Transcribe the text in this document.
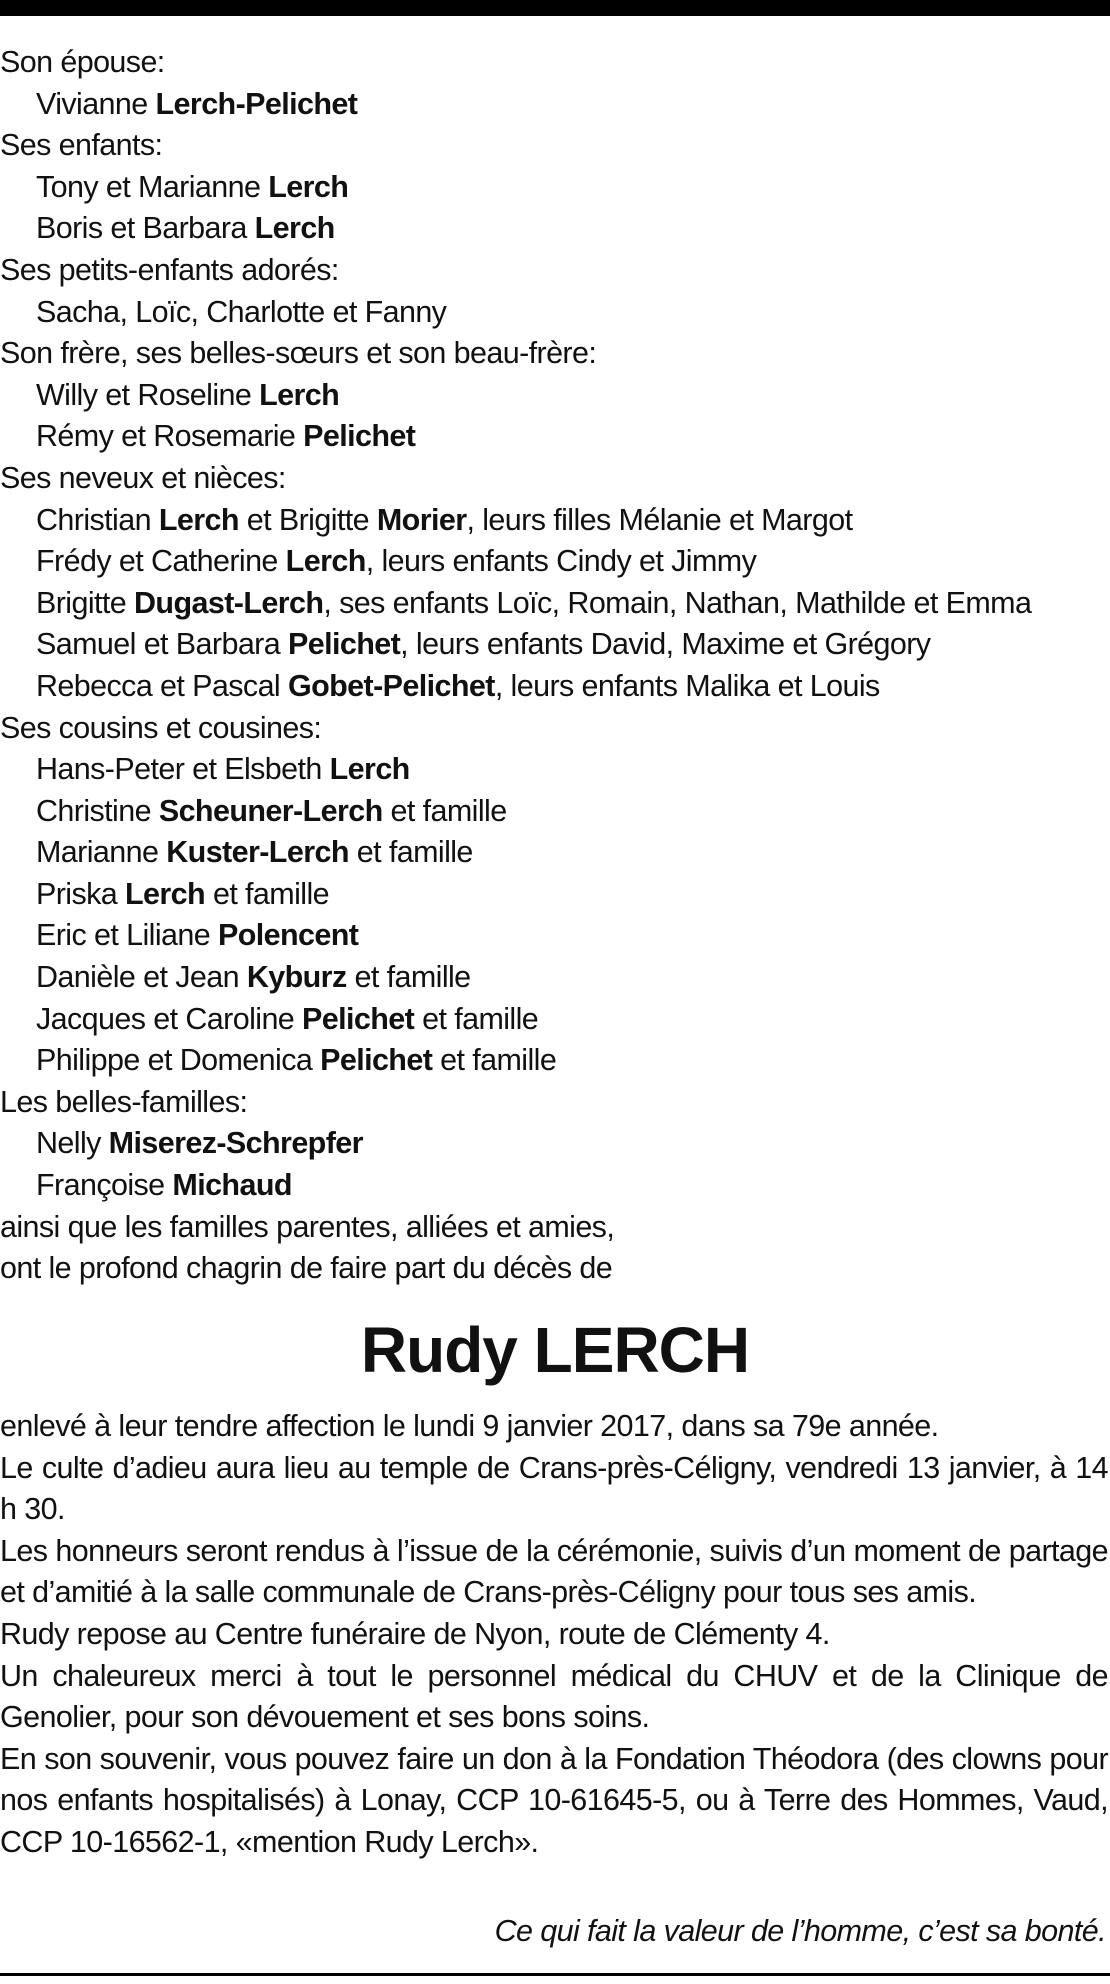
Son épouse:
Vivianne Lerch-Pelichet
Ses enfants:
Tony et Marianne Lerch
Boris et Barbara Lerch
Ses petits-enfants adorés:
Sacha, Loïc, Charlotte et Fanny
Son frère, ses belles-sœurs et son beau-frère:
Willy et Roseline Lerch
Rémy et Rosemarie Pelichet
Ses neveux et nièces:
Christian Lerch et Brigitte Morier, leurs filles Mélanie et Margot
Frédy et Catherine Lerch, leurs enfants Cindy et Jimmy
Brigitte Dugast-Lerch, ses enfants Loïc, Romain, Nathan, Mathilde et Emma
Samuel et Barbara Pelichet, leurs enfants David, Maxime et Grégory
Rebecca et Pascal Gobet-Pelichet, leurs enfants Malika et Louis
Ses cousins et cousines:
Hans-Peter et Elsbeth Lerch
Christine Scheuner-Lerch et famille
Marianne Kuster-Lerch et famille
Priska Lerch et famille
Eric et Liliane Polencent
Danièle et Jean Kyburz et famille
Jacques et Caroline Pelichet et famille
Philippe et Domenica Pelichet et famille
Les belles-familles:
Nelly Miserez-Schrepfer
Françoise Michaud
ainsi que les familles parentes, alliées et amies,
ont le profond chagrin de faire part du décès de
Rudy LERCH

enlevé à leur tendre affection le lundi 9 janvier 2017, dans sa 79e année.

Le culte d’adieu aura lieu au temple de Crans-près-Céligny, vendredi 13 janvier, à 14 h 30.

Les honneurs seront rendus à l’issue de la cérémonie, suivis d’un moment de partage et d’amitié à la salle communale de Crans-près-Céligny pour tous ses amis.

Rudy repose au Centre funéraire de Nyon, route de Clémenty 4.

Un chaleureux merci à tout le personnel médical du CHUV et de la Clinique de Genolier, pour son dévouement et ses bons soins.

En son souvenir, vous pouvez faire un don à la Fondation Théodora (des clowns pour nos enfants hospitalisés) à Lonay, CCP 10-61645-5, ou à Terre des Hommes, Vaud, CCP 10-16562-1, «mention Rudy Lerch».

Ce qui fait la valeur de l’homme, c’est sa bonté.
